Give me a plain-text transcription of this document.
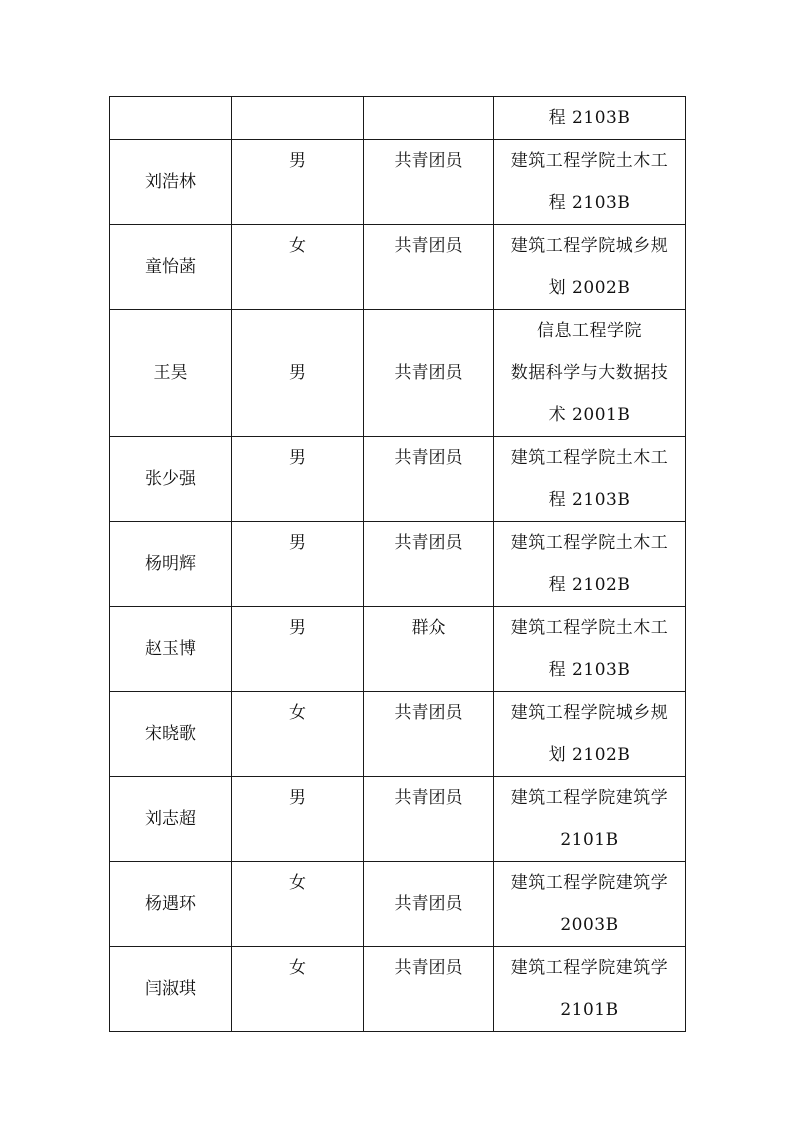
			程 2103B

刘浩林	男	共青团员	建筑工程学院土木工
程 2103B

童怡菡	女	共青团员	建筑工程学院城乡规
划 2002B

王昊	男	共青团员	信息工程学院
数据科学与大数据技
术 2001B

张少强	男	共青团员	建筑工程学院土木工
程 2103B

杨明辉	男	共青团员	建筑工程学院土木工
程 2102B

赵玉博	男	群众	建筑工程学院土木工
程 2103B

宋晓歌	女	共青团员	建筑工程学院城乡规
划 2102B

刘志超	男	共青团员	建筑工程学院建筑学
2101B

杨遇环	女	共青团员	建筑工程学院建筑学
2003B

闫淑琪	女	共青团员	建筑工程学院建筑学
2101B
